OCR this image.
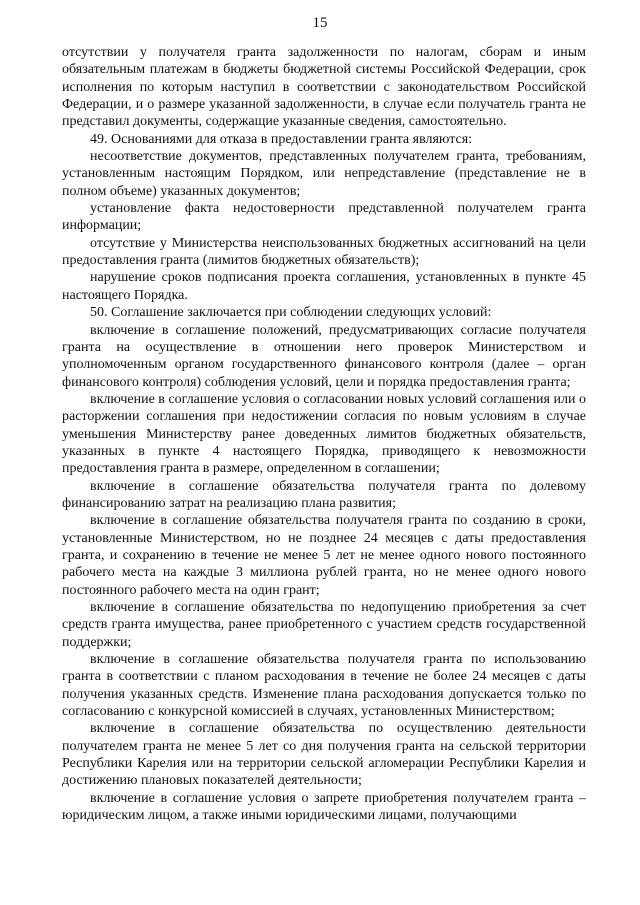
15

отсутствии у получателя гранта задолженности по налогам, сборам и иным обязательным платежам в бюджеты бюджетной системы Российской Федерации, срок исполнения по которым наступил в соответствии с законодательством Российской Федерации, и о размере указанной задолженности, в случае если получатель гранта не представил документы, содержащие указанные сведения, самостоятельно.

49. Основаниями для отказа в предоставлении гранта являются:

несоответствие документов, представленных получателем гранта, требованиям, установленным настоящим Порядком, или непредставление (представление не в полном объеме) указанных документов;

установление факта недостоверности представленной получателем гранта информации;

отсутствие у Министерства неиспользованных бюджетных ассигнований на цели предоставления гранта (лимитов бюджетных обязательств);

нарушение сроков подписания проекта соглашения, установленных в пункте 45 настоящего Порядка.

50. Соглашение заключается при соблюдении следующих условий:

включение в соглашение положений, предусматривающих согласие получателя гранта на осуществление в отношении него проверок Министерством и уполномоченным органом государственного финансового контроля (далее – орган финансового контроля) соблюдения условий, цели и порядка предоставления гранта;

включение в соглашение условия о согласовании новых условий соглашения или о расторжении соглашения при недостижении согласия по новым условиям в случае уменьшения Министерству ранее доведенных лимитов бюджетных обязательств, указанных в пункте 4 настоящего Порядка, приводящего к невозможности предоставления гранта в размере, определенном в соглашении;

включение в соглашение обязательства получателя гранта по долевому финансированию затрат на реализацию плана развития;

включение в соглашение обязательства получателя гранта по созданию в сроки, установленные Министерством, но не позднее 24 месяцев с даты предоставления гранта, и сохранению в течение не менее 5 лет не менее одного нового постоянного рабочего места на каждые 3 миллиона рублей гранта, но не менее одного нового постоянного рабочего места на один грант;

включение в соглашение обязательства по недопущению приобретения за счет средств гранта имущества, ранее приобретенного с участием средств государственной поддержки;

включение в соглашение обязательства получателя гранта по использованию гранта в соответствии с планом расходования в течение не более 24 месяцев с даты получения указанных средств. Изменение плана расходования допускается только по согласованию с конкурсной комиссией в случаях, установленных Министерством;

включение в соглашение обязательства по осуществлению деятельности получателем гранта не менее 5 лет со дня получения гранта на сельской территории Республики Карелия или на территории сельской агломерации Республики Карелия и достижению плановых показателей деятельности;

включение в соглашение условия о запрете приобретения получателем гранта – юридическим лицом, а также иными юридическими лицами, получающими
